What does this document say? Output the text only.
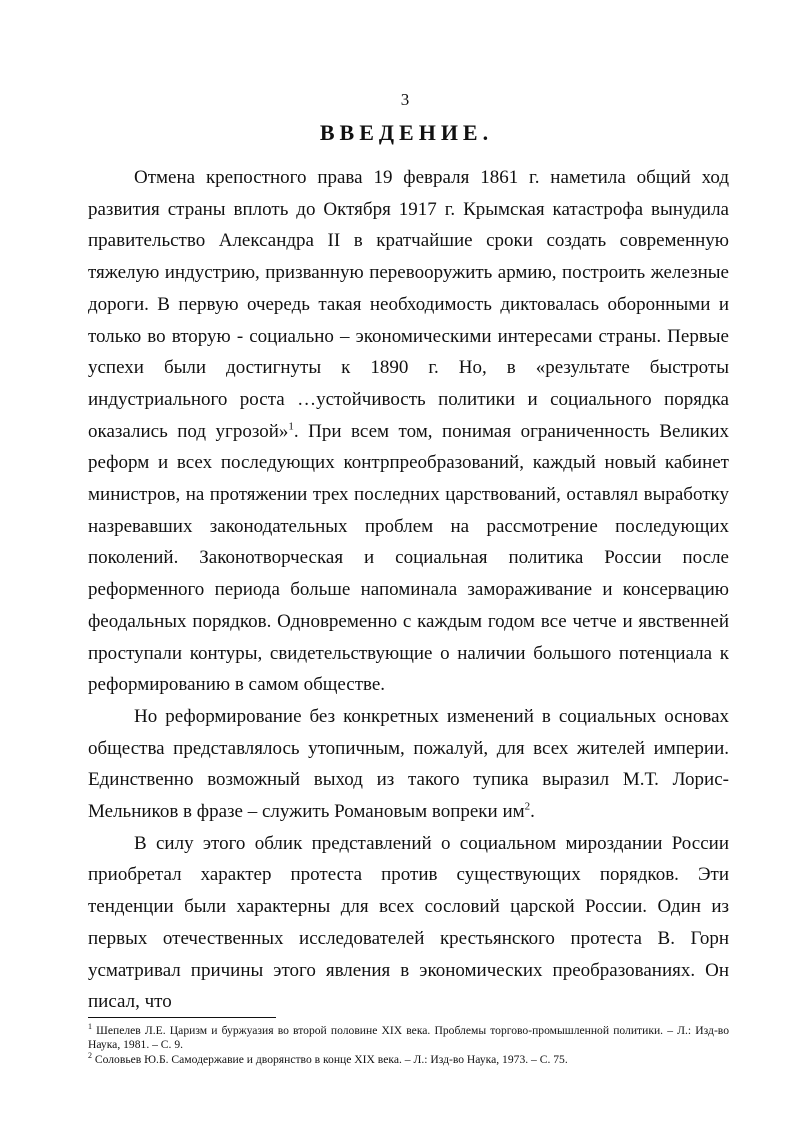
3
ВВЕДЕНИЕ.

Отмена крепостного права 19 февраля 1861 г. наметила общий ход развития страны вплоть до Октября 1917 г. Крымская катастрофа вынудила правительство Александра II в кратчайшие сроки создать современную тяжелую индустрию, призванную перевооружить армию, построить железные дороги. В первую очередь такая необходимость диктовалась оборонными и только во вторую - социально – экономическими интересами страны. Первые успехи были достигнуты к 1890 г. Но, в «результате быстроты индустриального роста …устойчивость политики и социального порядка оказались под угрозой»$^1$. При всем том, понимая ограниченность Великих реформ и всех последующих контрпреобразований, каждый новый кабинет министров, на протяжении трех последних царствований, оставлял выработку назревавших законодательных проблем на рассмотрение последующих поколений. Законотворческая и социальная политика России после реформенного периода больше напоминала замораживание и консервацию феодальных порядков. Одновременно с каждым годом все четче и явственней проступали контуры, свидетельствующие о наличии большого потенциала к реформированию в самом обществе.

Но реформирование без конкретных изменений в социальных основах общества представлялось утопичным, пожалуй, для всех жителей империи. Единственно возможный выход из такого тупика выразил М.Т. Лорис-Мельников в фразе – служить Романовым вопреки $им^2$.

В силу этого облик представлений о социальном мироздании России приобретал характер протеста против существующих порядков. Эти тенденции были характерны для всех сословий царской России. Один из первых отечественных исследователей крестьянского протеста В. Горн усматривал причины этого явления в экономических преобразованиях. Он писал, что

$^1$ Шепелев Л.Е. Царизм и буржуазия во второй половине XIX века. Проблемы торгово-промышленной политики. – Л.: Изд-во Наука, 1981. – С. 9.

$^2$ Соловьев Ю.Б. Самодержавие и дворянство в конце XIX века. – Л.: Изд-во Наука, 1973. – С. 75.
